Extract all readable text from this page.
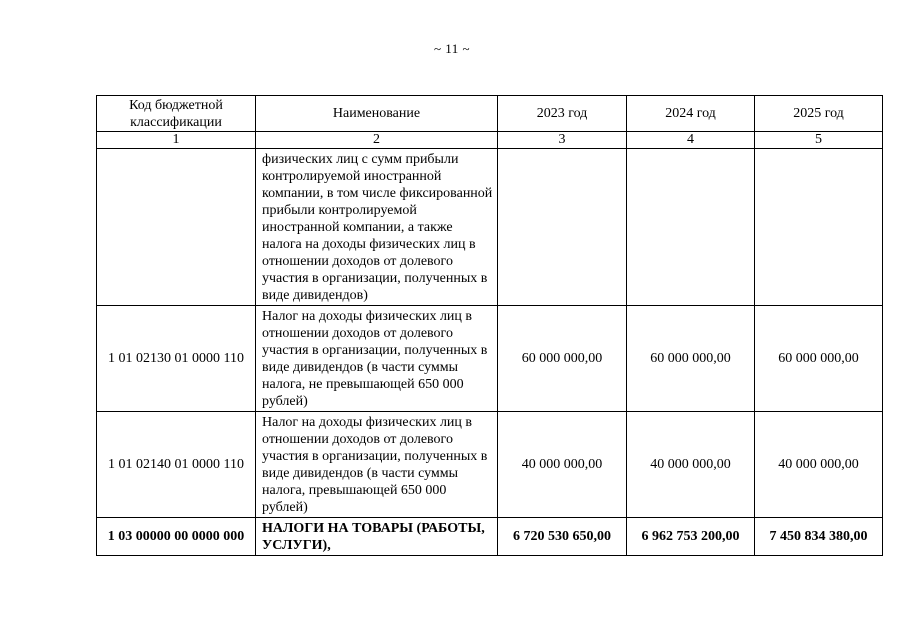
~ 11 ~
Код бюджетной классификации	Наименование	2023 год	2024 год	2025 год
1	2	3	4	5
	физических лиц с сумм прибыли контролируемой иностранной компании, в том числе фиксированной прибыли контролируемой иностранной компании, а также налога на доходы физических лиц в отношении доходов от долевого участия в организации, полученных в виде дивидендов)			
1 01 02130 01 0000 110	Налог на доходы физических лиц в отношении доходов от долевого участия в организации, полученных в виде дивидендов (в части суммы налога, не превышающей 650 000 рублей)	60 000 000,00	60 000 000,00	60 000 000,00
1 01 02140 01 0000 110	Налог на доходы физических лиц в отношении доходов от долевого участия в организации, полученных в виде дивидендов (в части суммы налога, превышающей 650 000 рублей)	40 000 000,00	40 000 000,00	40 000 000,00
1 03 00000 00 0000 000	НАЛОГИ НА ТОВАРЫ (РАБОТЫ, УСЛУГИ),	6 720 530 650,00	6 962 753 200,00	7 450 834 380,00
